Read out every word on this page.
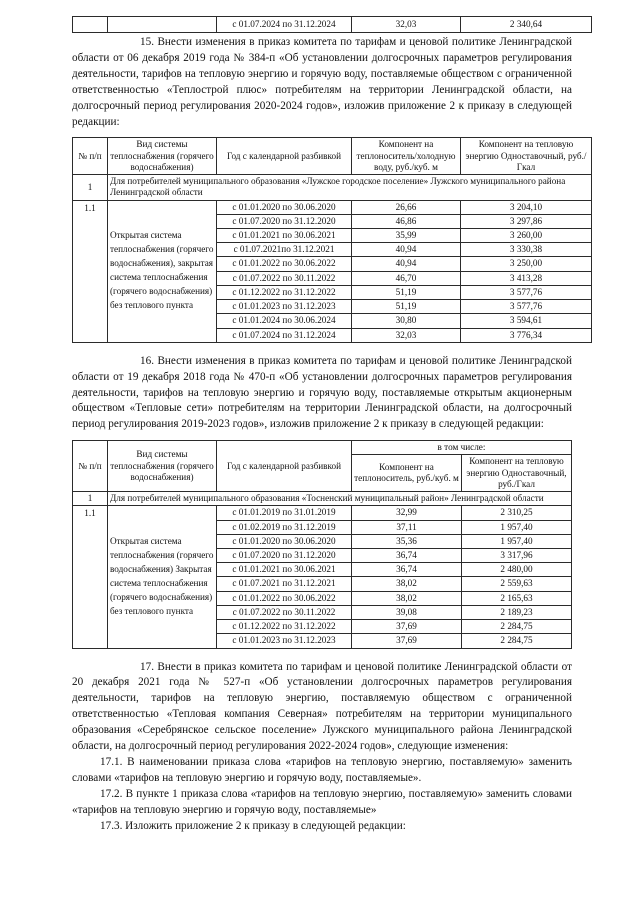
		с 01.07.2024 по 31.12.2024	32,03	2 340,64

15. Внести изменения в приказ комитета по тарифам и ценовой политике Ленинградской области от 06 декабря 2019 года № 384-п «Об установлении долгосрочных параметров регулирования деятельности, тарифов на тепловую энергию и горячую воду, поставляемые обществом с ограниченной ответственностью «Теплострой плюс» потребителям на территории Ленинградской области, на долгосрочный период регулирования 2020-2024 годов», изложив приложение 2 к приказу в следующей редакции:

№ п/п	Вид системы теплоснабжения (горячего водоснабжения)	Год с календарной разбивкой	Компонент на теплоноситель/холодную воду, руб./куб. м	Компонент на тепловую энергию Одноставочный, руб./Гкал
1	Для потребителей муниципального образования «Лужское городское поселение» Лужского муниципального района Ленинградской области			
1.1	Открытая система теплоснабжения (горячего водоснабжения), закрытая система теплоснабжения (горячего водоснабжения) без теплового пункта	с 01.01.2020 по 30.06.2020	26,66	3 204,10
		с 01.07.2020 по 31.12.2020	46,86	3 297,86
		с 01.01.2021 по 30.06.2021	35,99	3 260,00
		с 01.07.2021по 31.12.2021	40,94	3 330,38
		с 01.01.2022 по 30.06.2022	40,94	3 250,00
		с 01.07.2022 по 30.11.2022	46,70	3 413,28
		с 01.12.2022 по 31.12.2022	51,19	3 577,76
		с 01.01.2023 по 31.12.2023	51,19	3 577,76
		с 01.01.2024 по 30.06.2024	30,80	3 594,61
		с 01.07.2024 по 31.12.2024	32,03	3 776,34

16. Внести изменения в приказ комитета по тарифам и ценовой политике Ленинградской области от 19 декабря 2018 года № 470-п «Об установлении долгосрочных параметров регулирования деятельности, тарифов на тепловую энергию и горячую воду, поставляемые открытым акционерным обществом «Тепловые сети» потребителям на территории Ленинградской области, на долгосрочный период регулирования 2019-2023 годов», изложив приложение 2 к приказу в следующей редакции:

№ п/п	Вид системы теплоснабжения (горячего водоснабжения)	Год с календарной разбивкой	в том числе:	
			Компонент на теплоноситель, руб./куб. м	Компонент на тепловую энергию Одноставочный, руб./Гкал
1	Для потребителей муниципального образования «Тосненский муниципальный район» Ленинградской области			
1.1	Открытая система теплоснабжения (горячего водоснабжения) Закрытая система теплоснабжения (горячего водоснабжения) без теплового пункта	с 01.01.2019 по 31.01.2019	32,99	2 310,25
		с 01.02.2019 по 31.12.2019	37,11	1 957,40
		с 01.01.2020 по 30.06.2020	35,36	1 957,40
		с 01.07.2020 по 31.12.2020	36,74	3 317,96
		с 01.01.2021 по 30.06.2021	36,74	2 480,00
		с 01.07.2021 по 31.12.2021	38,02	2 559,63
		с 01.01.2022 по 30.06.2022	38,02	2 165,63
		с 01.07.2022 по 30.11.2022	39,08	2 189,23
		с 01.12.2022 по 31.12.2022	37,69	2 284,75
		с 01.01.2023 по 31.12.2023	37,69	2 284,75

17. Внести в приказ комитета по тарифам и ценовой политике Ленинградской области от 20 декабря 2021 года № 527-п «Об установлении долгосрочных параметров регулирования деятельности, тарифов на тепловую энергию, поставляемую обществом с ограниченной ответственностью «Тепловая компания Северная» потребителям на территории муниципального образования «Серебрянское сельское поселение» Лужского муниципального района Ленинградской области, на долгосрочный период регулирования 2022-2024 годов», следующие изменения:

17.1. В наименовании приказа слова «тарифов на тепловую энергию, поставляемую» заменить словами «тарифов на тепловую энергию и горячую воду, поставляемые».

17.2. В пункте 1 приказа слова «тарифов на тепловую энергию, поставляемую» заменить словами «тарифов на тепловую энергию и горячую воду, поставляемые»

17.3. Изложить приложение 2 к приказу в следующей редакции:
